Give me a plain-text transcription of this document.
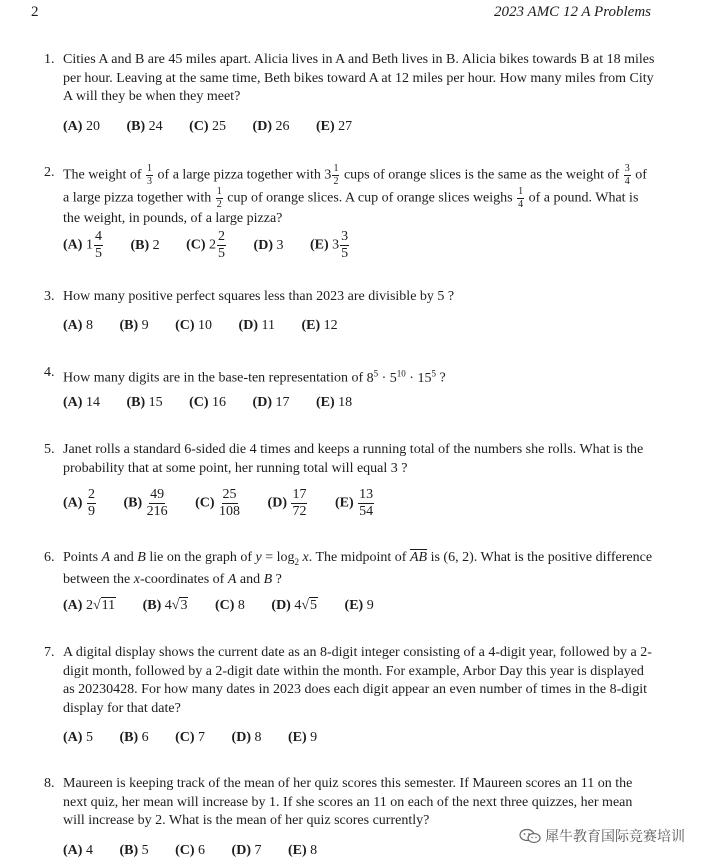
2	2023 AMC 12 A Problems
1. Cities A and B are 45 miles apart. Alicia lives in A and Beth lives in B. Alicia bikes towards B at 18 miles per hour. Leaving at the same time, Beth bikes toward A at 12 miles per hour. How many miles from City A will they be when they meet?
(A) 20 (B) 24 (C) 25 (D) 26 (E) 27
2. The weight of $\frac{1}{3}$ of a large pizza together with $3 \frac{1}{2}$ cups of orange slices is the same as the weight of $\frac{3}{4}$ of a large pizza together with $\frac{1}{2}$ cup of orange slices. A cup of orange slices weighs $\frac{1}{4}$ of a pound. What is the weight, in pounds, of a large pizza?
(A) $1 \frac{4}{5} (B)$ 2 (C) $2 \frac{2}{5} (D)$ 3 (E) $3 \frac{3}{5}$
3. How many positive perfect squares less than 2023 are divisible by 5 ?
(A) 8 (B) 9 (C) 10 (D) 11 (E) 12
4. How many digits are in the base-ten representation of $8^5 \cdot 5^{10} \cdot 15^5$ ?
(A) 14 (B) 15 (C) 16 (D) 17 (E) 18
5. Janet rolls a standard 6-sided die 4 times and keeps a running total of the numbers she rolls. What is the probability that at some point, her running total will equal 3 ?
$(A) \frac{2}{9} (B) \frac{49}{216} (C) \frac{25}{108} (D) \frac{17}{72} (E) \frac{13}{54}$
6. Points A and B lie on the graph of $y = \log_2 x$. The midpoint of $\overline{AB}$ is (6, 2). What is the positive difference between the x-coordinates of A and B ?
(A) 2√11 (B) 4√3 (C) 8 (D) 4√5 (E) 9
7. A digital display shows the current date as an 8-digit integer consisting of a 4-digit year, followed by a 2-digit month, followed by a 2-digit date within the month. For example, Arbor Day this year is displayed as 20230428. For how many dates in 2023 does each digit appear an even number of times in the 8-digit display for that date?
(A) 5 (B) 6 (C) 7 (D) 8 (E) 9
8. Maureen is keeping track of the mean of her quiz scores this semester. If Maureen scores an 11 on the next quiz, her mean will increase by 1. If she scores an 11 on each of the next three quizzes, her mean will increase by 2. What is the mean of her quiz scores currently?
(A) 4 (B) 5 (C) 6 (D) 7 (E) 8
犀牛教育国际竞赛培训
